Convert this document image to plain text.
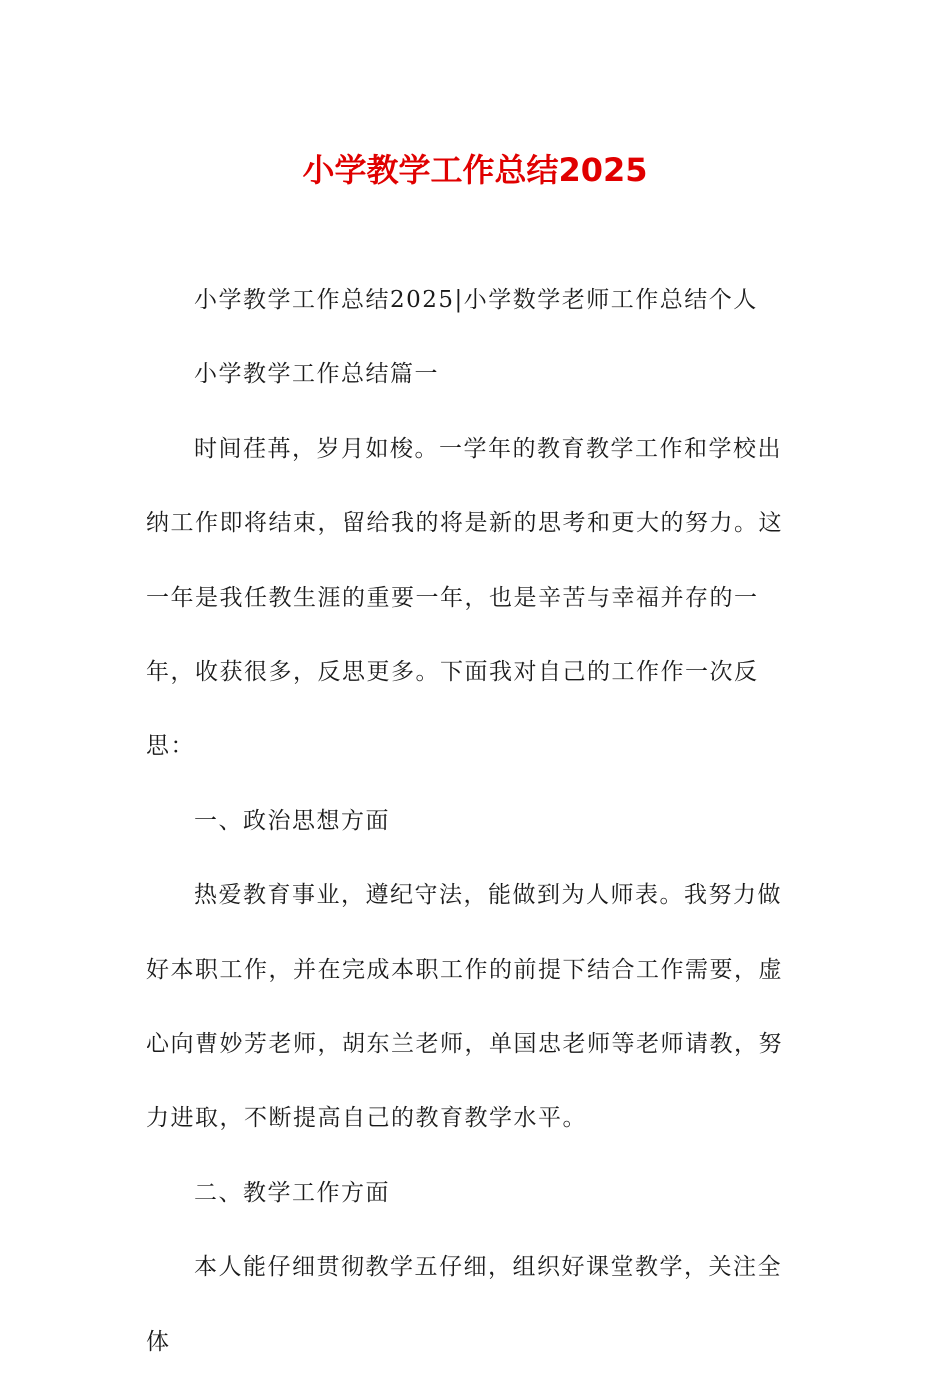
小学教学工作总结2025

小学教学工作总结2025|小学数学老师工作总结个人

小学教学工作总结篇一

时间荏苒，岁月如梭。一学年的教育教学工作和学校出纳工作即将结束，留给我的将是新的思考和更大的努力。这一年是我任教生涯的重要一年，也是辛苦与幸福并存的一年，收获很多，反思更多。下面我对自己的工作作一次反思：

一、政治思想方面

热爱教育事业，遵纪守法，能做到为人师表。我努力做好本职工作，并在完成本职工作的前提下结合工作需要，虚心向曹妙芳老师，胡东兰老师，单国忠老师等老师请教，努力进取，不断提高自己的教育教学水平。

二、教学工作方面

本人能仔细贯彻教学五仔细，组织好课堂教学，关注全体
